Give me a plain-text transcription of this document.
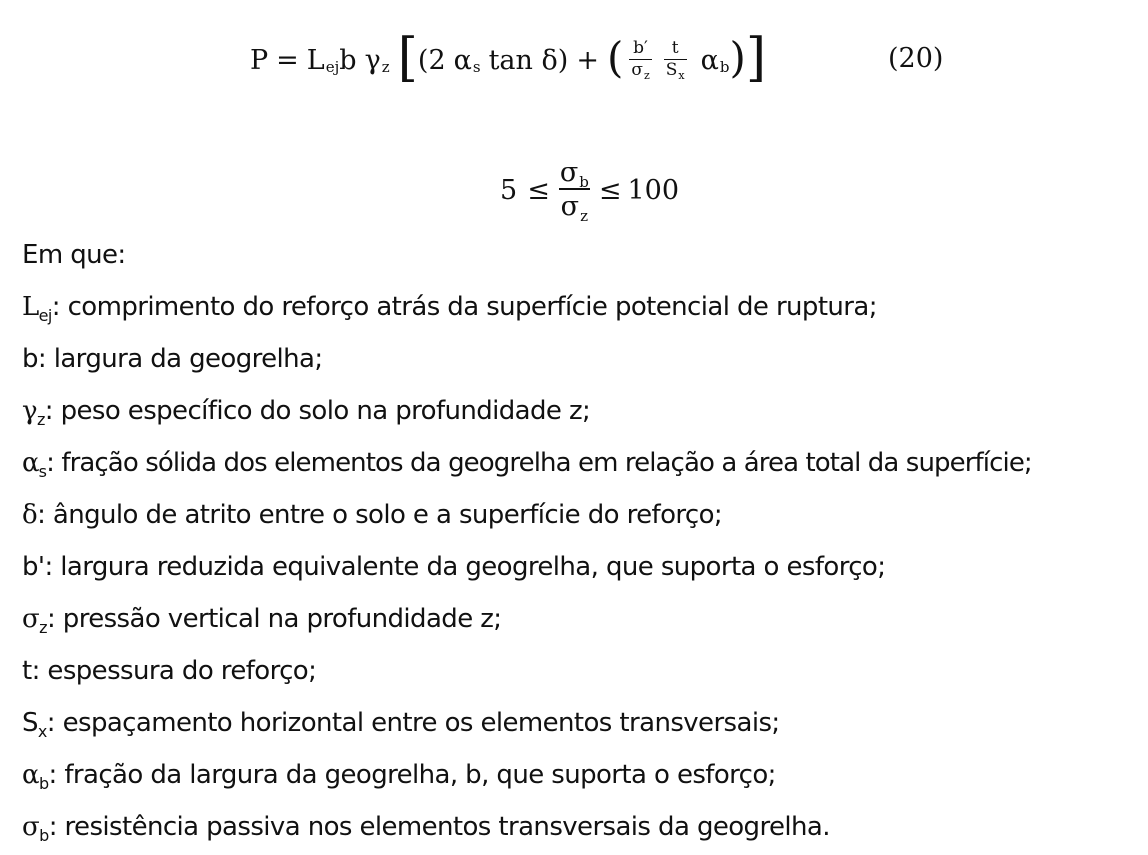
P = L ej b γ z [ ( 2 α s tan δ ) + ( $\frac{b'}{\sigma_z} \frac{t}{S_x}$ α b ) ]	(20)
$5 \le \frac{\sigma_b}{\sigma_z} \le 100$
Em que:
$L_{ej}$: comprimento do reforço atrás da superfície potencial de ruptura;
b: largura da geogrelha;
$\gamma_z$: peso específico do solo na profundidade z;
$\alpha_s$: fração sólida dos elementos da geogrelha em relação a área total da superfície;
δ: ângulo de atrito entre o solo e a superfície do reforço;
b': largura reduzida equivalente da geogrelha, que suporta o esforço;
$\sigma_z$: pressão vertical na profundidade z;
t: espessura do reforço;
$S_x$: espaçamento horizontal entre os elementos transversais;
$\alpha_b$: fração da largura da geogrelha, b, que suporta o esforço;
$\sigma_b$: resistência passiva nos elementos transversais da geogrelha.
